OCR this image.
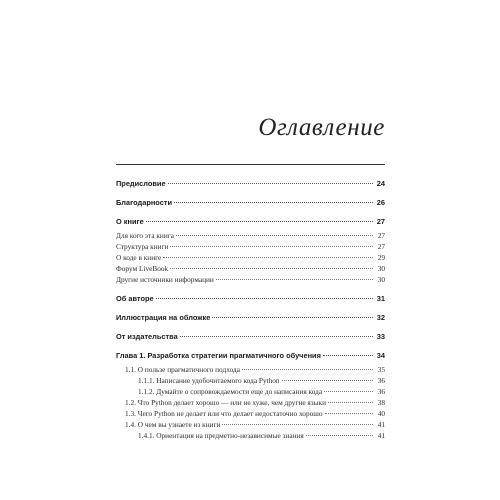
Оглавление
Предисловие	24
Благодарности	26
О книге	27
Для кого эта книга	27
Структура книги	27
О коде в книге	29
Форум LiveBook	30
Другие источники информации	30
Об авторе	31
Иллюстрация на обложке	32
От издательства	33
Глава 1. Разработка стратегии прагматичного обучения	34
1.1. О пользе прагматичного подхода	35
1.1.1. Написание удобочитаемого кода Python	36
1.1.2. Думайте о сопровождаемости еще до написания кода	36
1.2. Что Python делает хорошо — или не хуже, чем другие языки	38
1.3. Чего Python не делает или что делает недостаточно хорошо	40
1.4. О чем вы узнаете из книги	41
1.4.1. Ориентация на предметно-независимые знания	41
